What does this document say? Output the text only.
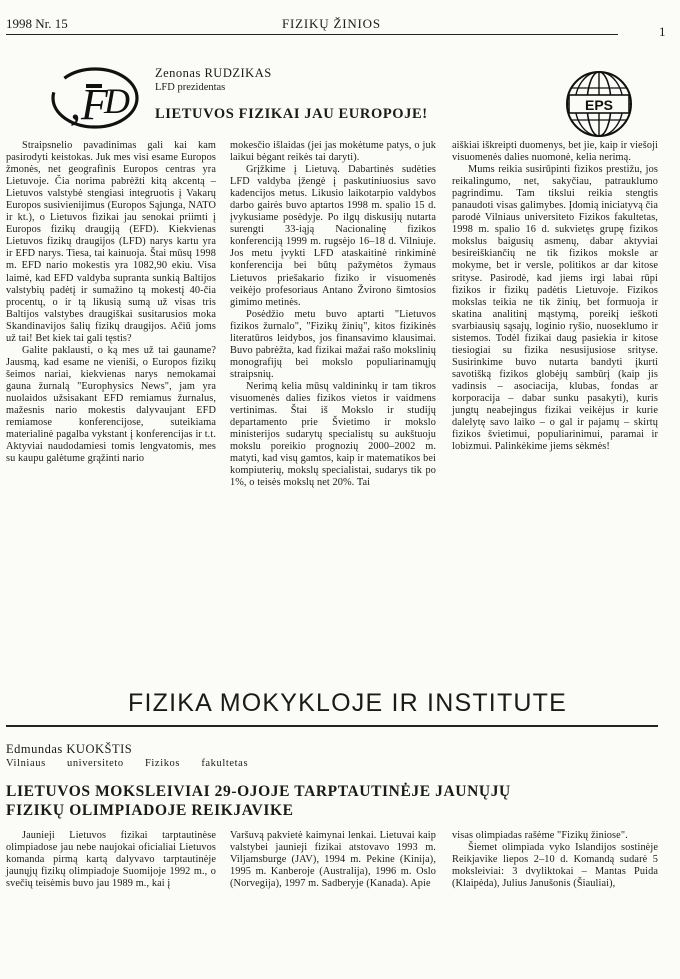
1998 Nr. 15	FIZIKŲ ŽINIOS
1
,F
D	EPS
Zenonas RUDZIKAS
LFD prezidentas
LIETUVOS FIZIKAI JAU EUROPOJE!

Straipsnelio pavadinimas gali kai kam pasirodyti keistokas. Juk mes visi esame Europos žmonės, net geografinis Europos centras yra Lietuvoje. Čia norima pabrėžti kitą akcentą – Lietuvos valstybė stengiasi integruotis į Vakarų Europos susivienijimus (Europos Sąjunga, NATO ir kt.), o Lietuvos fizikai jau senokai priimti į Europos fizikų draugiją (EFD). Kiekvienas Lietuvos fizikų draugijos (LFD) narys kartu yra ir EFD narys. Tiesa, tai kainuoja. Štai mūsų 1998 m. EFD nario mokestis yra 1082,90 ekiu. Visa laimė, kad EFD valdyba supranta sunkią Baltijos valstybių padėtį ir sumažino tą mokestį 40-čia procentų, o ir tą likusią sumą už visas tris Baltijos valstybes draugiškai susitarusios moka Skandinavijos šalių fizikų draugijos. Ačiū joms už tai! Bet kiek tai gali tęstis?

Galite paklausti, o ką mes už tai gauname? Jausmą, kad esame ne vieniši, o Europos fizikų šeimos nariai, kiekvienas narys nemokamai gauna žurnalą "Europhysics News", jam yra nuolaidos užsisakant EFD remiamus žurnalus, mažesnis nario mokestis dalyvaujant EFD remiamose konferencijose, suteikiama materialinė pagalba vykstant į konferencijas ir t.t. Aktyviai naudodamiesi tomis lengvatomis, mes su kaupu galėtume grąžinti nario

mokesčio išlaidas (jei jas mokėtume patys, o juk laikui bėgant reikės tai daryti).

Grįžkime į Lietuvą. Dabartinės sudėties LFD valdyba įžengė į paskutiniuosius savo kadencijos metus. Likusio laikotarpio valdybos darbo gairės buvo aptartos 1998 m. spalio 15 d. įvykusiame posėdyje. Po ilgų diskusijų nutarta surengti 33-iąją Nacionalinę fizikos konferenciją 1999 m. rugsėjo 16–18 d. Vilniuje. Jos metu įvykti LFD ataskaitinė rinkiminė konferencija bei būtų pažymėtos žymaus Lietuvos priešakario fiziko ir visuomenės veikėjo profesoriaus Antano Žvirono šimtosios gimimo metinės.

Posėdžio metu buvo aptarti "Lietuvos fizikos žurnalo", "Fizikų žinių", kitos fizikinės literatūros leidybos, jos finansavimo klausimai. Buvo pabrėžta, kad fizikai mažai rašo mokslinių monografijų bei mokslo populiarinamųjų straipsnių.

Nerimą kelia mūsų valdininkų ir tam tikros visuomenės dalies fizikos vietos ir vaidmens vertinimas. Štai iš Mokslo ir studijų departamento prie Švietimo ir mokslo ministerijos sudarytų specialistų su aukštuoju mokslu poreikio prognozių 2000–2002 m. matyti, kad visų gamtos, kaip ir matematikos bei kompiuterių, mokslų specialistai, sudarys tik po 1%, o teisės mokslų net 20%. Tai

aiškiai iškreipti duomenys, bet jie, kaip ir viešoji visuomenės dalies nuomonė, kelia nerimą.

Mums reikia susirūpinti fizikos prestižu, jos reikalingumo, net, sakyčiau, patrauklumo pagrindimu. Tam tikslui reikia stengtis panaudoti visas galimybes. Įdomią iniciatyvą čia parodė Vilniaus universiteto Fizikos fakultetas, 1998 m. spalio 16 d. sukvietęs grupę fizikos mokslus baigusių asmenų, dabar aktyviai besireiškiančių ne tik fizikos moksle ar mokyme, bet ir versle, politikos ar dar kitose srityse. Pasirodė, kad jiems irgi labai rūpi fizikos ir fizikų padėtis Lietuvoje. Fizikos mokslas teikia ne tik žinių, bet formuoja ir skatina analitinį mąstymą, poreikį ieškoti svarbiausių sąsajų, loginio ryšio, nuoseklumo ir sistemos. Todėl fizikai daug pasiekia ir kitose tiesiogiai su fizika nesusijusiose srityse. Susirinkime buvo nutarta bandyti įkurti savotišką fizikos globėjų sambūrį (kaip jis vadinsis – asociacija, klubas, fondas ar korporacija – dabar sunku pasakyti), kuris jungtų neabejingus fizikai veikėjus ir kurie dalelytę savo laiko – o gal ir pajamų – skirtų fizikos švietimui, populiarinimui, paramai ir lobizmui. Palinkėkime jiems sėkmės!

FIZIKA MOKYKLOJE IR INSTITUTE
Edmundas KUOKŠTIS
Vilniaus universiteto Fizikos fakultetas
LIETUVOS MOKSLEIVIAI 29-OJOJE TARPTAUTINĖJE JAUNŲJŲ
FIZIKŲ OLIMPIADOJE REIKJAVIKE

Jaunieji Lietuvos fizikai tarptautinėse olimpiadose jau nebe naujokai oficialiai Lietuvos komanda pirmą kartą dalyvavo tarptautinėje jaunųjų fizikų olimpiadoje Suomijoje 1992 m., o svečių teisėmis buvo jau 1989 m., kai į

Varšuvą pakvietė kaimynai lenkai. Lietuvai kaip valstybei jaunieji fizikai atstovavo 1993 m. Viljamsburge (JAV), 1994 m. Pekine (Kinija), 1995 m. Kanberoje (Australija), 1996 m. Oslo (Norvegija), 1997 m. Sadberyje (Kanada). Apie

visas olimpiadas rašėme "Fizikų žiniose".

Šiemet olimpiada vyko Islandijos sostinėje Reikjavike liepos 2–10 d. Komandą sudarė 5 moksleiviai: 3 dvyliktokai – Mantas Puida (Klaipėda), Julius Janušonis (Šiauliai),
